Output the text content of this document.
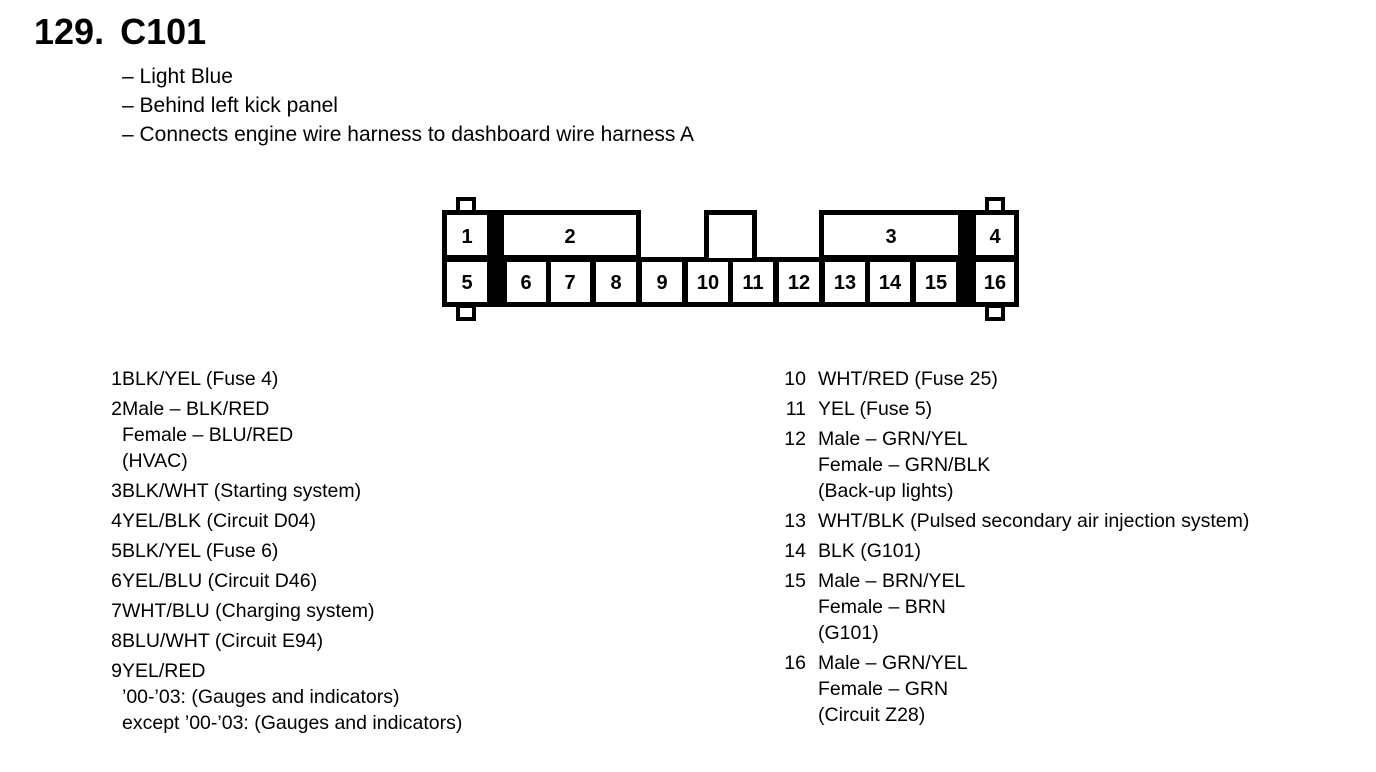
129. C101
– Light Blue
– Behind left kick panel
– Connects engine wire harness to dashboard wire harness A
1	2	3	4
5 6 7 8 9 10 11 12 13 14 15 16
1 BLK/YEL (Fuse 4)
2 Male – BLK/RED
Female – BLU/RED
(HVAC)
3 BLK/WHT (Starting system)
4 YEL/BLK (Circuit D04)
5 BLK/YEL (Fuse 6)
6 YEL/BLU (Circuit D46)
7 WHT/BLU (Charging system)
8 BLU/WHT (Circuit E94)
9 YEL/RED
’00-’03: (Gauges and indicators)
except ’00-’03: (Gauges and indicators)
10 WHT/RED (Fuse 25)
11 YEL (Fuse 5)
12 Male – GRN/YEL
Female – GRN/BLK
(Back-up lights)
13 WHT/BLK (Pulsed secondary air injection system)
14 BLK (G101)
15 Male – BRN/YEL
Female – BRN
(G101)
16 Male – GRN/YEL
Female – GRN
(Circuit Z28)
